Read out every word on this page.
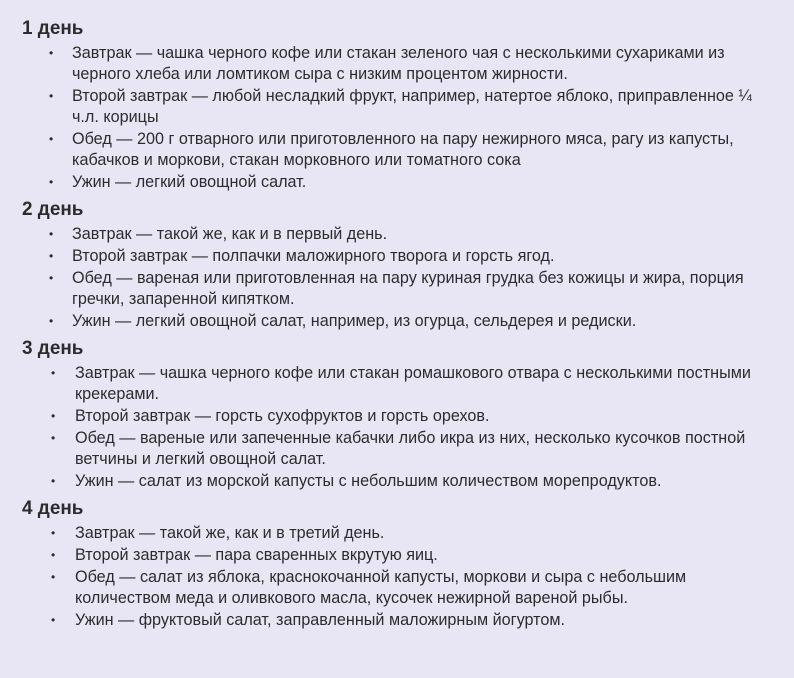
1 день
• Завтрак — чашка черного кофе или стакан зеленого чая с несколькими сухариками из черного хлеба или ломтиком сыра с низким процентом жирности.
• Второй завтрак — любой несладкий фрукт, например, натертое яблоко, приправленное ¼ ч.л. корицы
• Обед — 200 г отварного или приготовленного на пару нежирного мяса, рагу из капусты, кабачков и моркови, стакан морковного или томатного сока
• Ужин — легкий овощной салат.
2 день
• Завтрак — такой же, как и в первый день.
• Второй завтрак — полпачки маложирного творога и горсть ягод.
• Обед — вареная или приготовленная на пару куриная грудка без кожицы и жира, порция гречки, запаренной кипятком.
• Ужин — легкий овощной салат, например, из огурца, сельдерея и редиски.
3 день
• Завтрак — чашка черного кофе или стакан ромашкового отвара с несколькими постными крекерами.
• Второй завтрак — горсть сухофруктов и горсть орехов.
• Обед — вареные или запеченные кабачки либо икра из них, несколько кусочков постной ветчины и легкий овощной салат.
• Ужин — салат из морской капусты с небольшим количеством морепродуктов.
4 день
• Завтрак — такой же, как и в третий день.
• Второй завтрак — пара сваренных вкрутую яиц.
• Обед — салат из яблока, краснокочанной капусты, моркови и сыра с небольшим количеством меда и оливкового масла, кусочек нежирной вареной рыбы.
• Ужин — фруктовый салат, заправленный маложирным йогуртом.
